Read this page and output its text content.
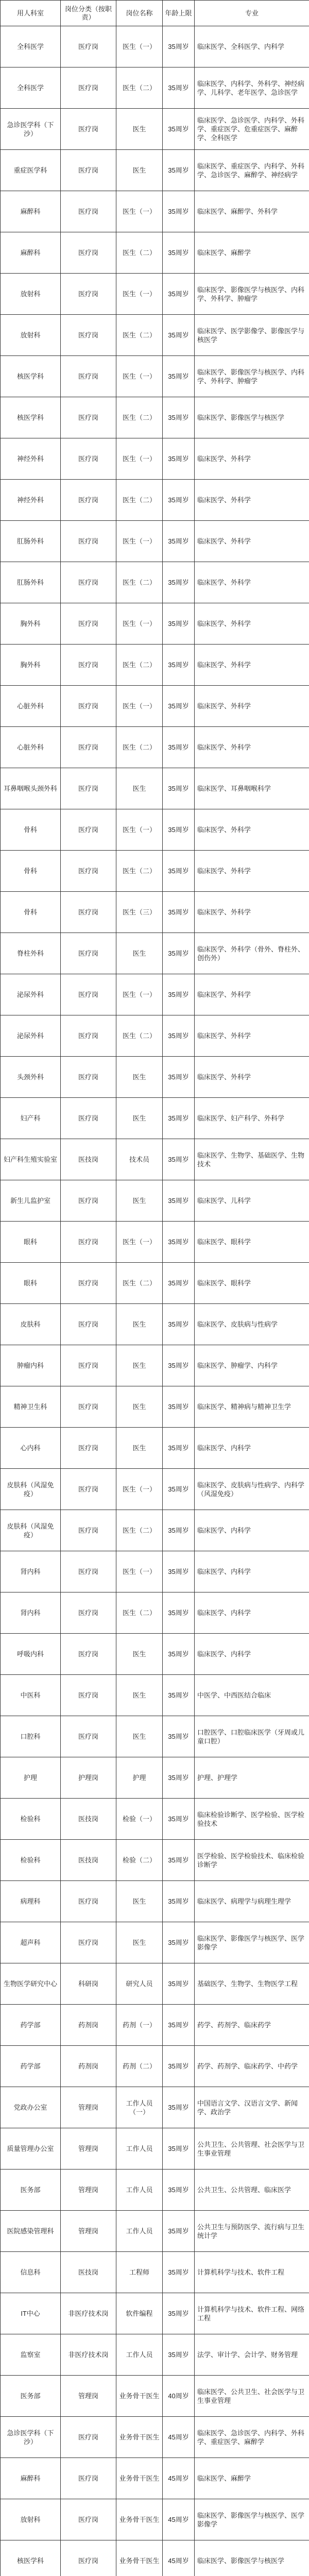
用人科室	岗位分类（按职责）	岗位名称	年龄上限	专业
全科医学	医疗岗	医生（一）	35周岁	临床医学、全科医学、内科学
全科医学	医疗岗	医生（二）	35周岁	临床医学、内科学、外科学、神经病学、儿科学、老年医学、急诊医学
急诊医学科（下沙）	医疗岗	医生	35周岁	临床医学、急诊医学、内科学、外科学、重症医学、危重症医学、麻醉学、全科医学
重症医学科	医疗岗	医生	35周岁	临床医学、重症医学、内科学、外科学、急诊医学、麻醉学、神经病学
麻醉科	医疗岗	医生（一）	35周岁	临床医学、麻醉学、外科学
麻醉科	医疗岗	医生（二）	35周岁	临床医学、麻醉学
放射科	医疗岗	医生（一）	35周岁	临床医学、影像医学与核医学、内科学、外科学、肿瘤学
放射科	医疗岗	医生（二）	35周岁	临床医学、医学影像学、影像医学与核医学
核医学科	医疗岗	医生（一）	35周岁	临床医学、影像医学与核医学、内科学、外科学、肿瘤学
核医学科	医疗岗	医生（二）	35周岁	临床医学、影像医学与核医学
神经外科	医疗岗	医生（一）	35周岁	临床医学、外科学
神经外科	医疗岗	医生（二）	35周岁	临床医学、外科学
肛肠外科	医疗岗	医生（一）	35周岁	临床医学、外科学
肛肠外科	医疗岗	医生（二）	35周岁	临床医学、外科学
胸外科	医疗岗	医生（一）	35周岁	临床医学、外科学
胸外科	医疗岗	医生（二）	35周岁	临床医学、外科学
心脏外科	医疗岗	医生（一）	35周岁	临床医学、外科学
心脏外科	医疗岗	医生（二）	35周岁	临床医学、外科学
耳鼻咽喉头颈外科	医疗岗	医生	35周岁	临床医学、耳鼻咽喉科学
骨科	医疗岗	医生（一）	35周岁	临床医学、外科学
骨科	医疗岗	医生（二）	35周岁	临床医学、外科学
骨科	医疗岗	医生（三）	35周岁	临床医学、外科学
脊柱外科	医疗岗	医生	35周岁	临床医学、外科学（骨外、脊柱外、创伤外）
泌尿外科	医疗岗	医生（一）	35周岁	临床医学、外科学
泌尿外科	医疗岗	医生（二）	35周岁	临床医学、外科学
头颈外科	医疗岗	医生	35周岁	临床医学、外科学
妇产科	医疗岗	医生	35周岁	临床医学、妇产科学、外科学
妇产科生殖实验室	医技岗	技术员	35周岁	临床医学、生物学、基础医学、生物技术
新生儿监护室	医疗岗	医生	35周岁	临床医学、儿科学
眼科	医疗岗	医生（一）	35周岁	临床医学、眼科学
眼科	医疗岗	医生（二）	35周岁	临床医学、眼科学
皮肤科	医疗岗	医生	35周岁	临床医学、皮肤病与性病学
肿瘤内科	医疗岗	医生	35周岁	临床医学、肿瘤学、内科学
精神卫生科	医疗岗	医生	35周岁	临床医学、精神病与精神卫生学
心内科	医疗岗	医生	35周岁	临床医学、内科学
皮肤科（风湿免疫）	医疗岗	医生（一）	35周岁	临床医学、皮肤病与性病学、内科学（风湿免疫）
皮肤科（风湿免疫）	医疗岗	医生（二）	35周岁	临床医学、内科学
肾内科	医疗岗	医生（一）	35周岁	临床医学、内科学
肾内科	医疗岗	医生（二）	35周岁	临床医学、内科学
呼吸内科	医疗岗	医生	35周岁	临床医学、内科学
中医科	医疗岗	医生	35周岁	中医学、中西医结合临床
口腔科	医疗岗	医生	35周岁	口腔医学、口腔临床医学（牙周或儿童口腔）
护理	护理岗	护理	35周岁	护理、护理学
检验科	医技岗	检验（一）	35周岁	临床检验诊断学、医学检验、医学检验技术
检验科	医技岗	检验（二）	35周岁	医学检验、医学检验技术、临床检验诊断学
病理科	医疗岗	医生	35周岁	临床医学、病理学与病理生理学
超声科	医疗岗	医生	35周岁	临床医学、影像医学与核医学、医学影像学
生物医学研究中心	科研岗	研究人员	35周岁	基础医学、生物学、生物医学工程
药学部	药剂岗	药剂（一）	35周岁	药学、药剂学、临床药学
药学部	药剂岗	药剂（二）	35周岁	药学、药剂学、临床药学、中药学
党政办公室	管理岗	工作人员（一）	35周岁	中国语言文学、汉语言文学、新闻学、政治学
质量管理办公室	管理岗	工作人员	35周岁	公共卫生、公共管理、社会医学与卫生事业管理
医务部	管理岗	工作人员	35周岁	公共卫生、公共管理、临床医学
医院感染管理科	管理岗	工作人员	35周岁	公共卫生与预防医学、流行病与卫生统计学
信息科	医技岗	工程师	35周岁	计算机科学与技术、软件工程
IT中心	非医疗技术岗	软件编程	35周岁	计算机科学与技术、软件工程、网络工程
监察室	非医疗技术岗	工作人员	35周岁	法学、审计学、会计学、财务管理
医务部	管理岗	业务骨干医生	40周岁	临床医学、公共卫生、社会医学与卫生事业管理
急诊医学科（下沙）	医疗岗	业务骨干医生	45周岁	临床医学、急诊医学、内科学、外科学、重症医学、麻醉学
麻醉科	医疗岗	业务骨干医生	45周岁	临床医学、麻醉学
放射科	医疗岗	业务骨干医生	45周岁	临床医学、影像医学与核医学、医学影像学
核医学科	医疗岗	业务骨干医生	45周岁	临床医学、影像医学与核医学
